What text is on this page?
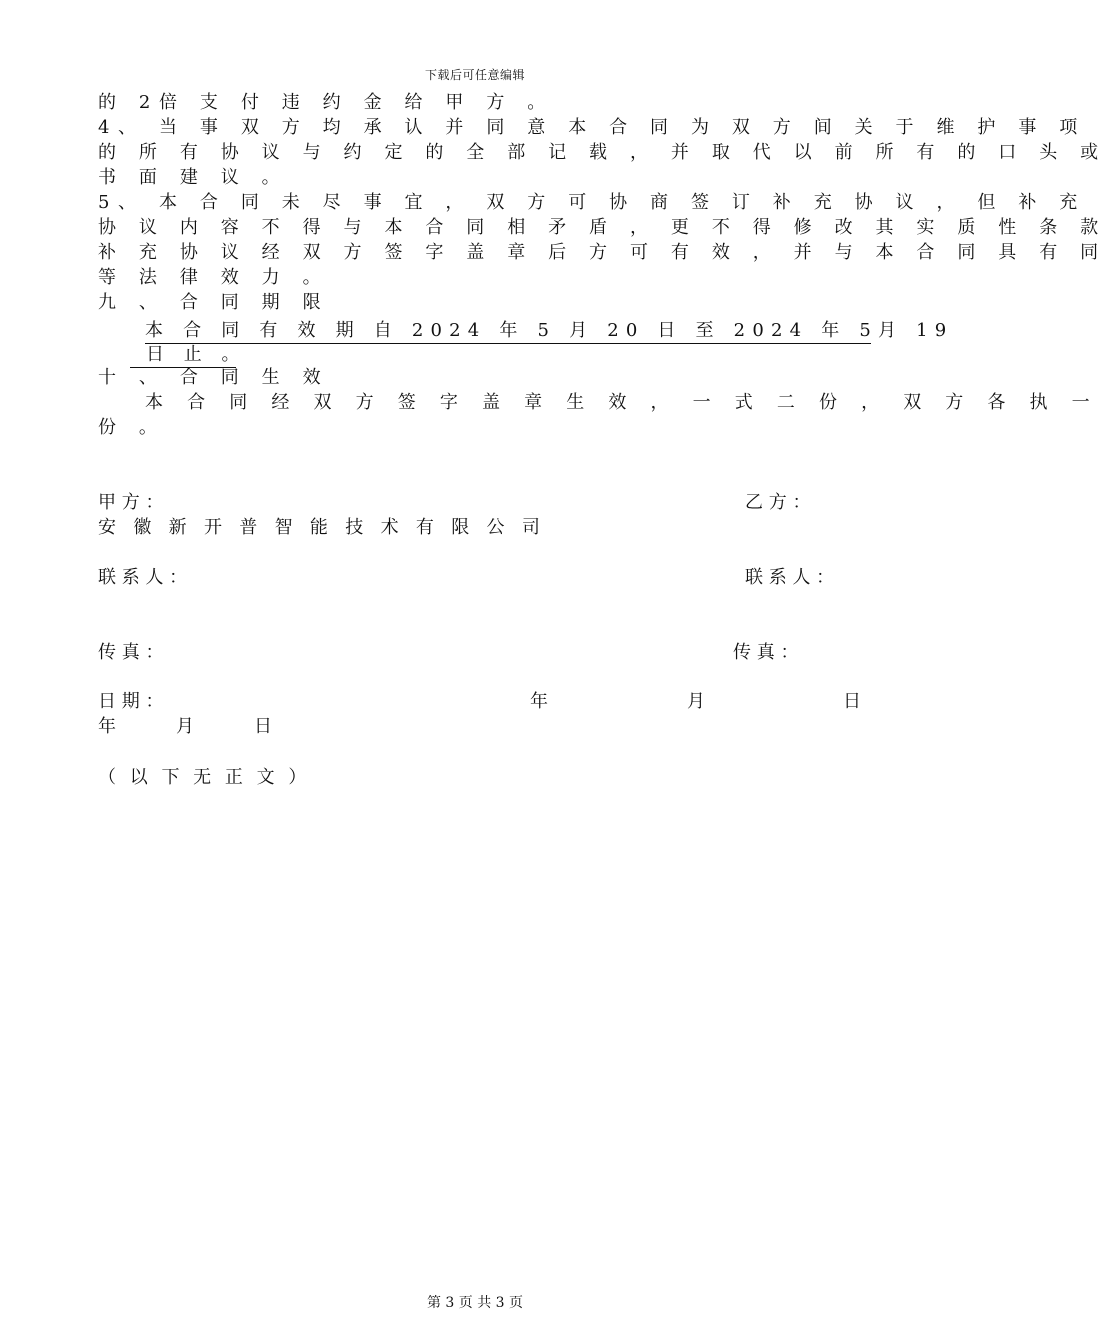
下载后可任意编辑
的 2倍 支 付 违 约 金 给 甲 方 。
4、 当 事 双 方 均 承 认 并 同 意 本 合 同 为 双 方 间 关 于 维 护 事 项
的 所 有 协 议 与 约 定 的 全 部 记 载 ， 并 取 代 以 前 所 有 的 口 头 或
书 面 建 议 。
5、 本 合 同 未 尽 事 宜 ， 双 方 可 协 商 签 订 补 充 协 议 ， 但 补 充
协 议 内 容 不 得 与 本 合 同 相 矛 盾 ， 更 不 得 修 改 其 实 质 性 条 款
补 充 协 议 经 双 方 签 字 盖 章 后 方 可 有 效 ， 并 与 本 合 同 具 有 同
等 法 律 效 力 。
九 、 合 同 期 限
本 合 同 有 效 期 自 2024 年 5 月 20 日 至 2024 年 5月 19
日 止 。
十 、 合 同 生 效
本 合 同 经 双 方 签 字 盖 章 生 效 ， 一 式 二 份 ， 双 方 各 执 一
份 。
甲 方 ：	乙 方 ：
安 徽 新 开 普 智 能 技 术 有 限 公 司
联 系 人 ：	联 系 人 ：
传 真 ：	传 真 ：
日 期 ：	年	月	日
年	月	日
（ 以 下 无 正 文 ）
第 3 页 共 3 页
